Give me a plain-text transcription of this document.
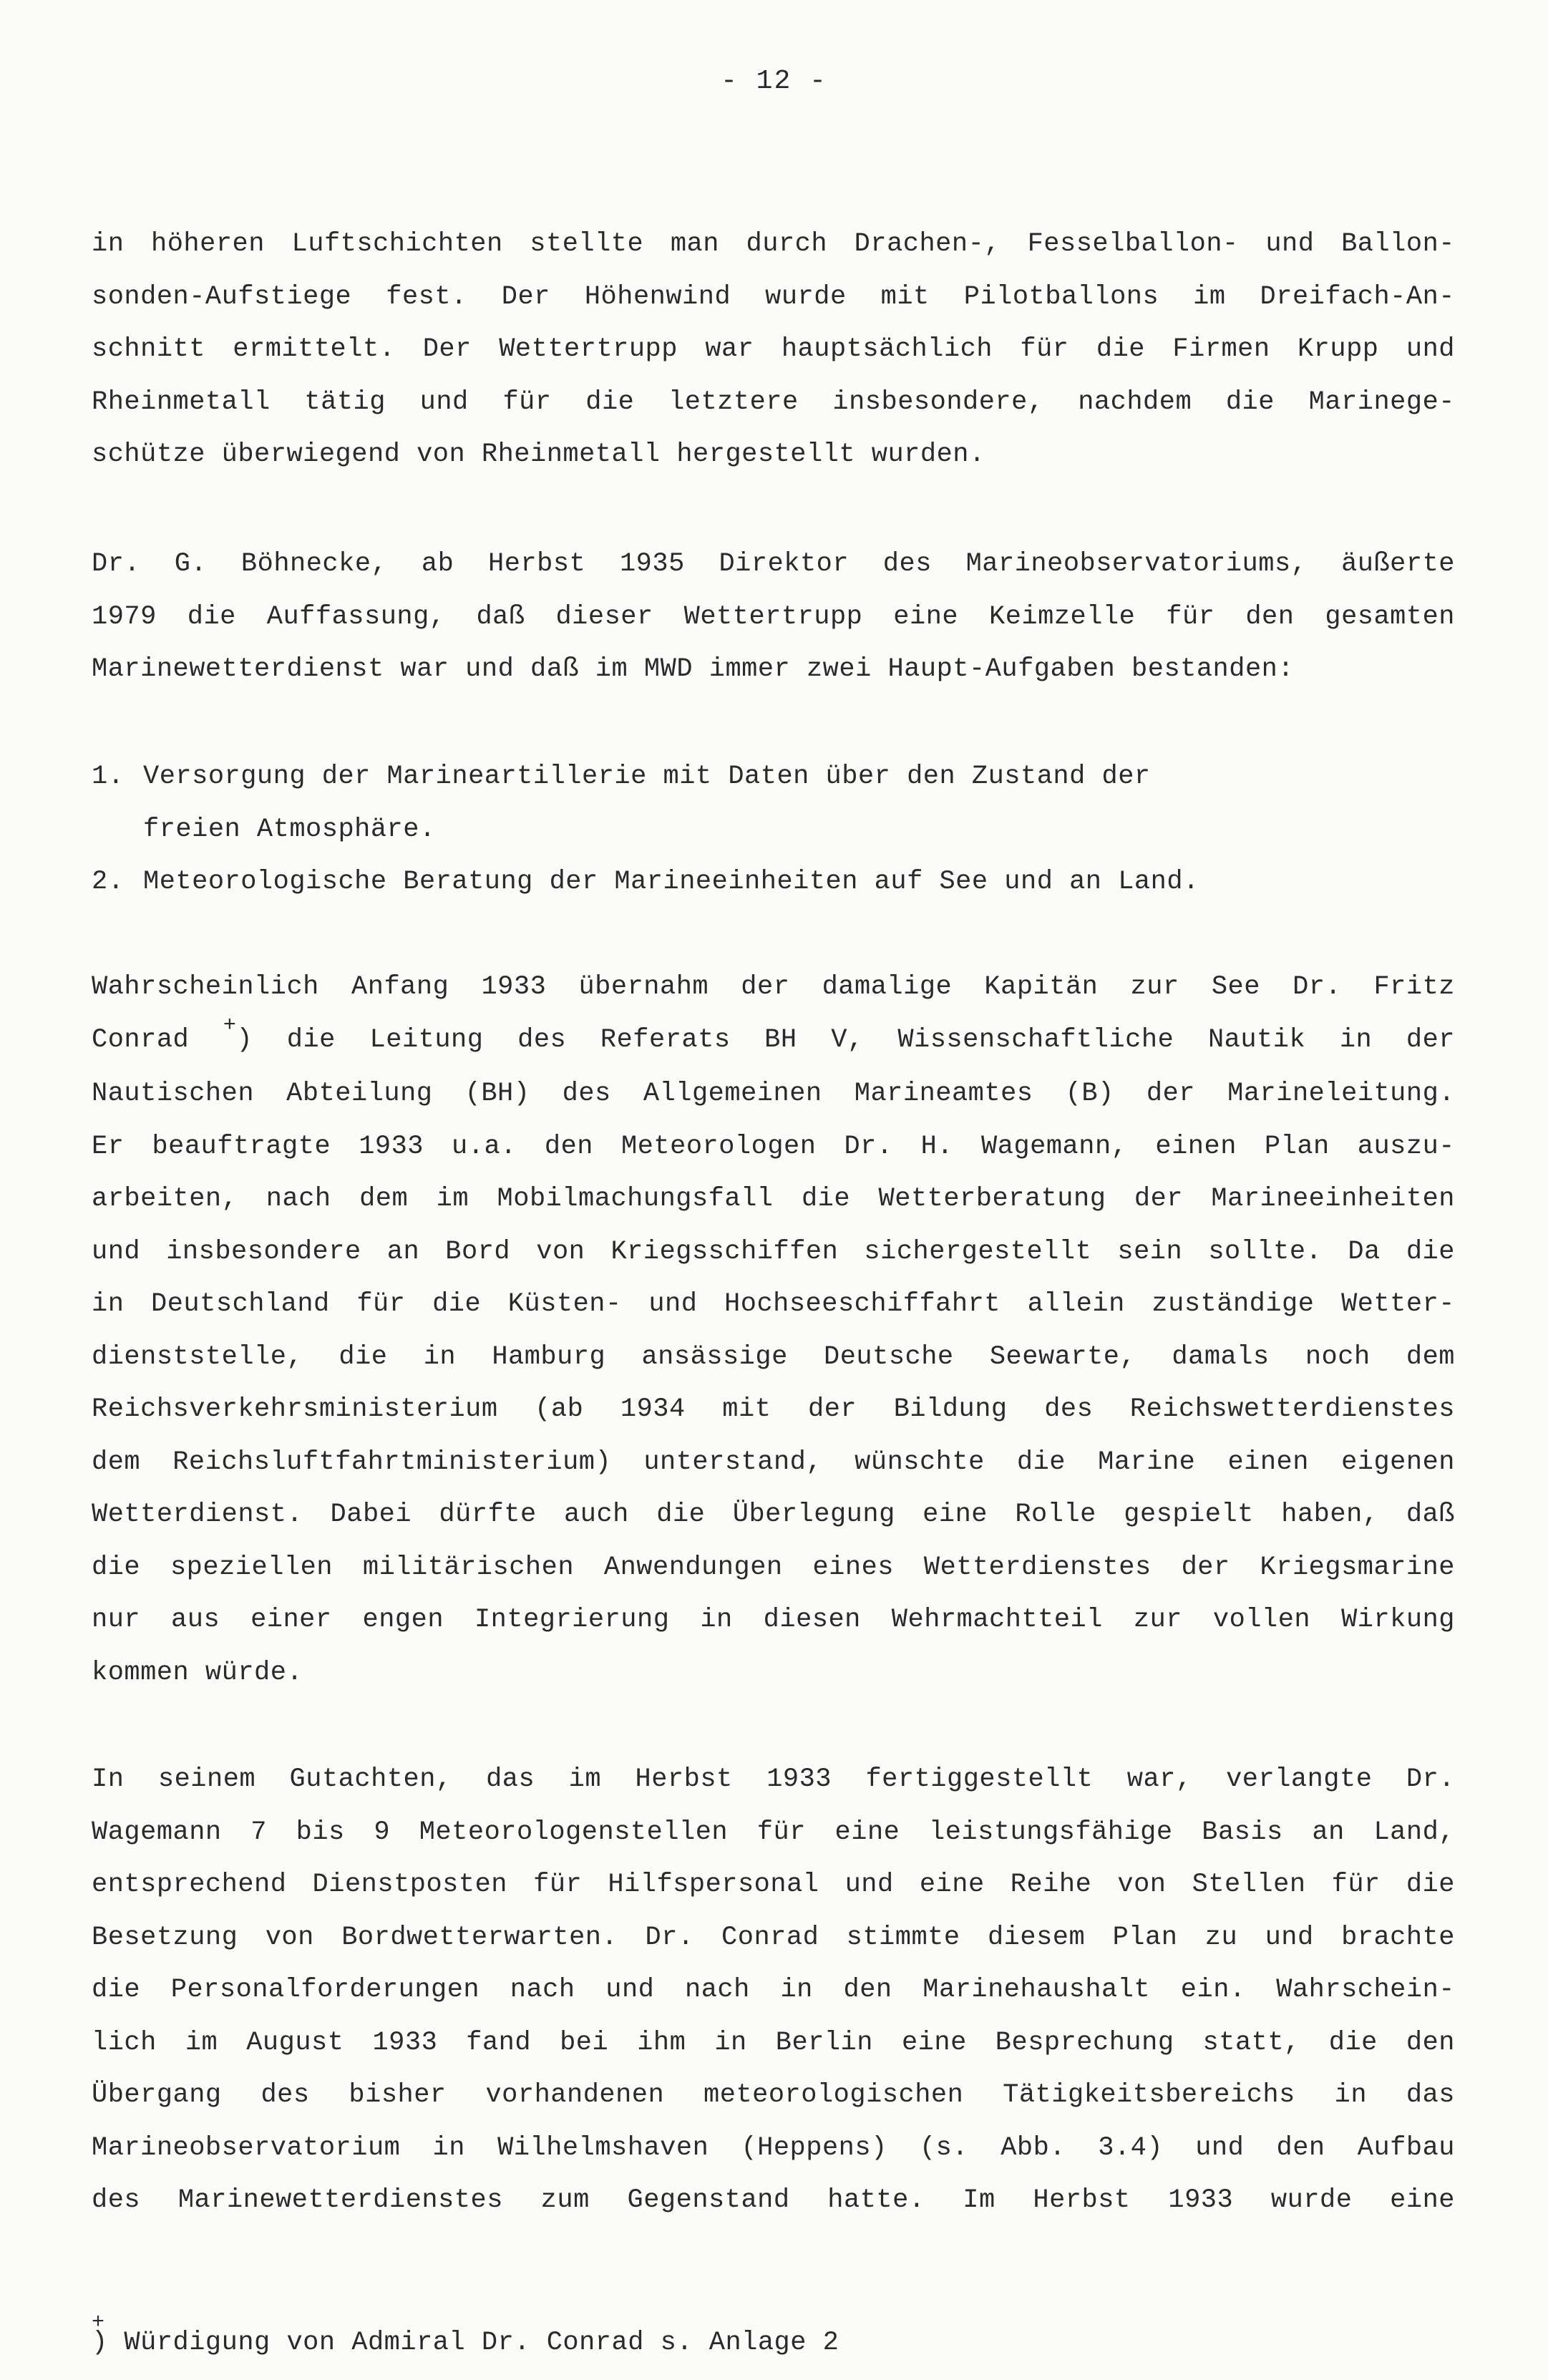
- 12 -

in höheren Luftschichten stellte man durch Drachen-, Fesselballon- und Ballon-

sonden-Aufstiege fest. Der Höhenwind wurde mit Pilotballons im Dreifach-An-

schnitt ermittelt. Der Wettertrupp war hauptsächlich für die Firmen Krupp und

Rheinmetall tätig und für die letztere insbesondere, nachdem die Marinege-

schütze überwiegend von Rheinmetall hergestellt wurden.

Dr. G. Böhnecke, ab Herbst 1935 Direktor des Marineobservatoriums, äußerte

1979 die Auffassung, daß dieser Wettertrupp eine Keimzelle für den gesamten

Marinewetterdienst war und daß im MWD immer zwei Haupt-Aufgaben bestanden:

1. Versorgung der Marineartillerie mit Daten über den Zustand der
freien Atmosphäre.
2. Meteorologische Beratung der Marineeinheiten auf See und an Land.

Wahrscheinlich Anfang 1933 übernahm der damalige Kapitän zur See Dr. Fritz

Conrad +) die Leitung des Referats BH V, Wissenschaftliche Nautik in der

Nautischen Abteilung (BH) des Allgemeinen Marineamtes (B) der Marineleitung.

Er beauftragte 1933 u.a. den Meteorologen Dr. H. Wagemann, einen Plan auszu-

arbeiten, nach dem im Mobilmachungsfall die Wetterberatung der Marineeinheiten

und insbesondere an Bord von Kriegsschiffen sichergestellt sein sollte. Da die

in Deutschland für die Küsten- und Hochseeschiffahrt allein zuständige Wetter-

dienststelle, die in Hamburg ansässige Deutsche Seewarte, damals noch dem

Reichsverkehrsministerium (ab 1934 mit der Bildung des Reichswetterdienstes

dem Reichsluftfahrtministerium) unterstand, wünschte die Marine einen eigenen

Wetterdienst. Dabei dürfte auch die Überlegung eine Rolle gespielt haben, daß

die speziellen militärischen Anwendungen eines Wetterdienstes der Kriegsmarine

nur aus einer engen Integrierung in diesen Wehrmachtteil zur vollen Wirkung

kommen würde.

In seinem Gutachten, das im Herbst 1933 fertiggestellt war, verlangte Dr.

Wagemann 7 bis 9 Meteorologenstellen für eine leistungsfähige Basis an Land,

entsprechend Dienstposten für Hilfspersonal und eine Reihe von Stellen für die

Besetzung von Bordwetterwarten. Dr. Conrad stimmte diesem Plan zu und brachte

die Personalforderungen nach und nach in den Marinehaushalt ein. Wahrschein-

lich im August 1933 fand bei ihm in Berlin eine Besprechung statt, die den

Übergang des bisher vorhandenen meteorologischen Tätigkeitsbereichs in das

Marineobservatorium in Wilhelmshaven (Heppens) (s. Abb. 3.4) und den Aufbau

des Marinewetterdienstes zum Gegenstand hatte. Im Herbst 1933 wurde eine

+
) Würdigung von Admiral Dr. Conrad s. Anlage 2
